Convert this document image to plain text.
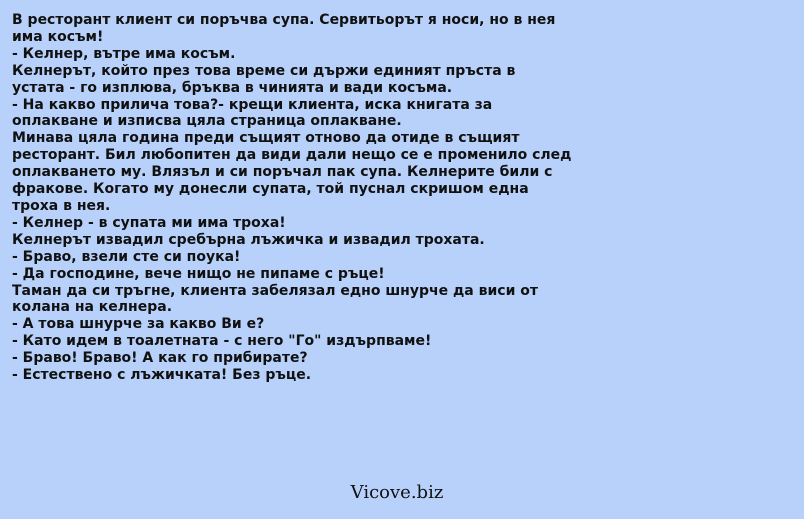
В ресторант клиент си поръчва супа. Сервитьорът я носи, но в нея има косъм!
- Келнер, вътре има косъм.
Келнерът, който през това време си държи единият пръста в устата - го изплюва, бръква в чинията и вади косъма.
- На какво прилича това?- крещи клиента, иска книгата за оплакване и изписва цяла страница оплакване.
Минава цяла година преди същият отново да отиде в същият ресторант. Бил любопитен да види дали нещо се е променило след оплакването му. Влязъл и си поръчал пак супа. Келнерите били с фракове. Когато му донесли супата, той пуснал скришом една троха в нея.
- Келнер - в супата ми има троха!
Келнерът извадил сребърна лъжичка и извадил трохата.
- Браво, взели сте си поука!
- Да господине, вече нищо не пипаме с ръце!
Таман да си тръгне, клиента забелязал едно шнурче да виси от колана на келнера.
- А това шнурче за какво Ви е?
- Като идем в тоалетната - с него "Го" издърпваме!
- Браво! Браво! А как го прибирате?
- Естествено с лъжичката! Без ръце.
Vicove.biz
